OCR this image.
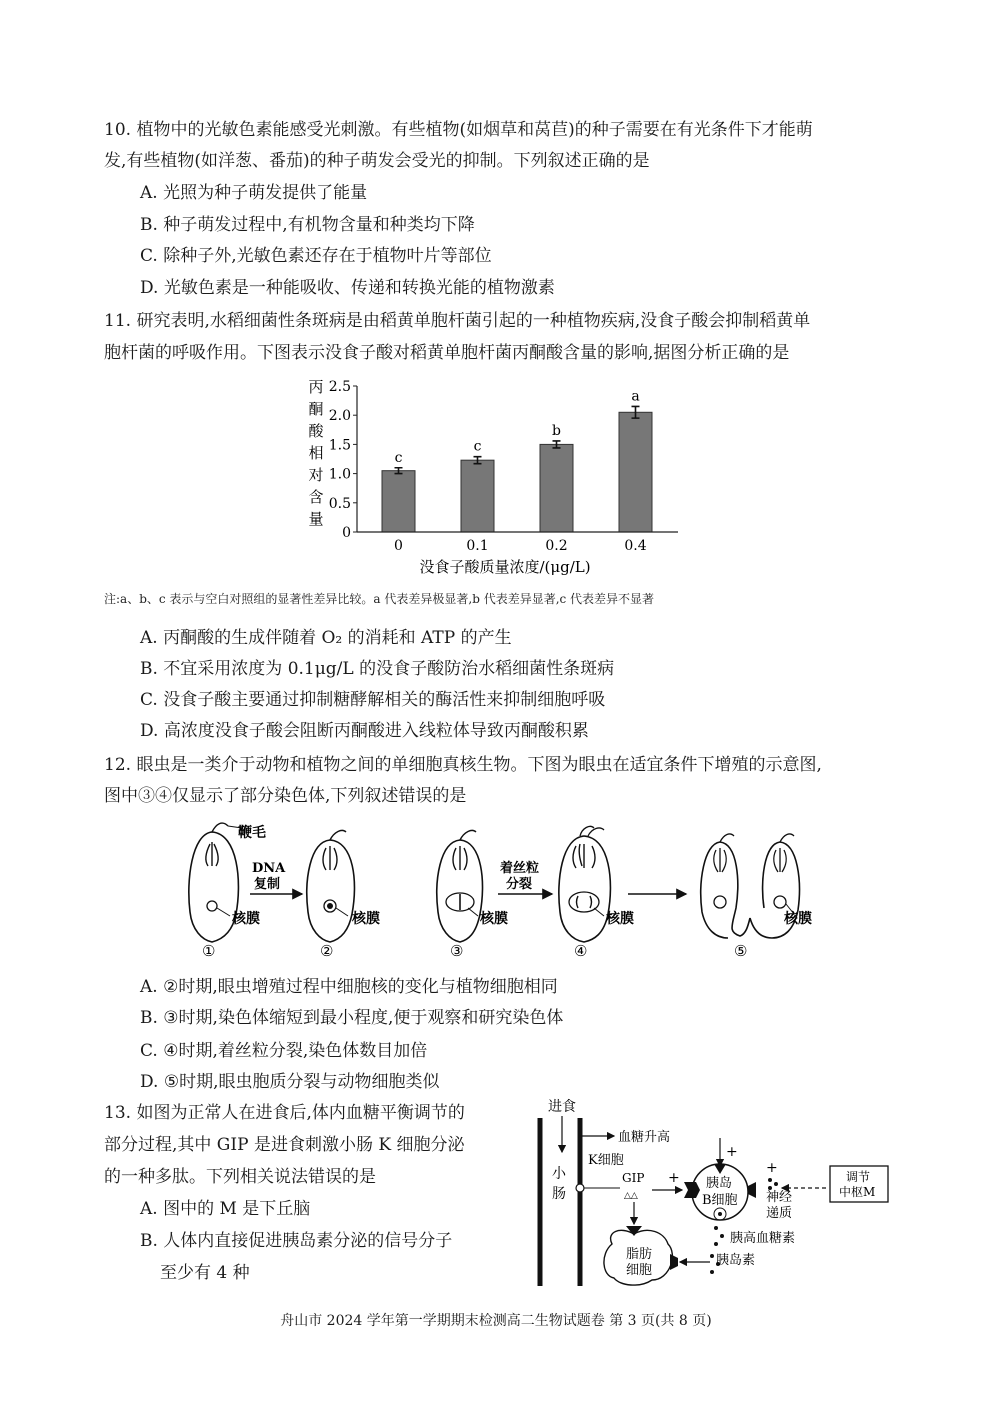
10. 植物中的光敏色素能感受光刺激。有些植物(如烟草和莴苣)的种子需要在有光条件下才能萌
发,有些植物(如洋葱、番茄)的种子萌发会受光的抑制。下列叙述正确的是
A. 光照为种子萌发提供了能量
B. 种子萌发过程中,有机物含量和种类均下降
C. 除种子外,光敏色素还存在于植物叶片等部位
D. 光敏色素是一种能吸收、传递和转换光能的植物激素
11. 研究表明,水稻细菌性条斑病是由稻黄单胞杆菌引起的一种植物疾病,没食子酸会抑制稻黄单
胞杆菌的呼吸作用。下图表示没食子酸对稻黄单胞杆菌丙酮酸含量的影响,据图分析正确的是
丙
酮
酸
相
对
含
量
0
0.5
1.0
1.5
2.0
2.5
c
c
b
a
0	0.1	0.2	0.4
没食子酸质量浓度/(μg/L)
注:a、b、c 表示与空白对照组的显著性差异比较。a 代表差异极显著,b 代表差异显著,c 代表差异不显著
A. 丙酮酸的生成伴随着 O₂ 的消耗和 ATP 的产生
B. 不宜采用浓度为 0.1μg/L 的没食子酸防治水稻细菌性条斑病
C. 没食子酸主要通过抑制糖酵解相关的酶活性来抑制细胞呼吸
D. 高浓度没食子酸会阻断丙酮酸进入线粒体导致丙酮酸积累
12. 眼虫是一类介于动物和植物之间的单细胞真核生物。下图为眼虫在适宜条件下增殖的示意图,
图中③④仅显示了部分染色体,下列叙述错误的是
鞭毛
核膜
①
DNA
复制
核膜
②
核膜
③
着丝粒
分裂
核膜
④
核膜
⑤
A. ②时期,眼虫增殖过程中细胞核的变化与植物细胞相同
B. ③时期,染色体缩短到最小程度,便于观察和研究染色体
C. ④时期,着丝粒分裂,染色体数目加倍
D. ⑤时期,眼虫胞质分裂与动物细胞类似
13. 如图为正常人在进食后,体内血糖平衡调节的
部分过程,其中 GIP 是进食刺激小肠 K 细胞分泌
的一种多肽。下列相关说法错误的是
A. 图中的 M 是下丘脑
B. 人体内直接促进胰岛素分泌的信号分子
至少有 4 种
进食
小
肠
血糖升高
+
K细胞
GIP
△△
+ 胰岛
B细胞
+
神经
递质
调节
中枢M
胰高血糖素
胰岛素
脂肪
细胞
舟山市 2024 学年第一学期期末检测高二生物试题卷 第 3 页(共 8 页)
